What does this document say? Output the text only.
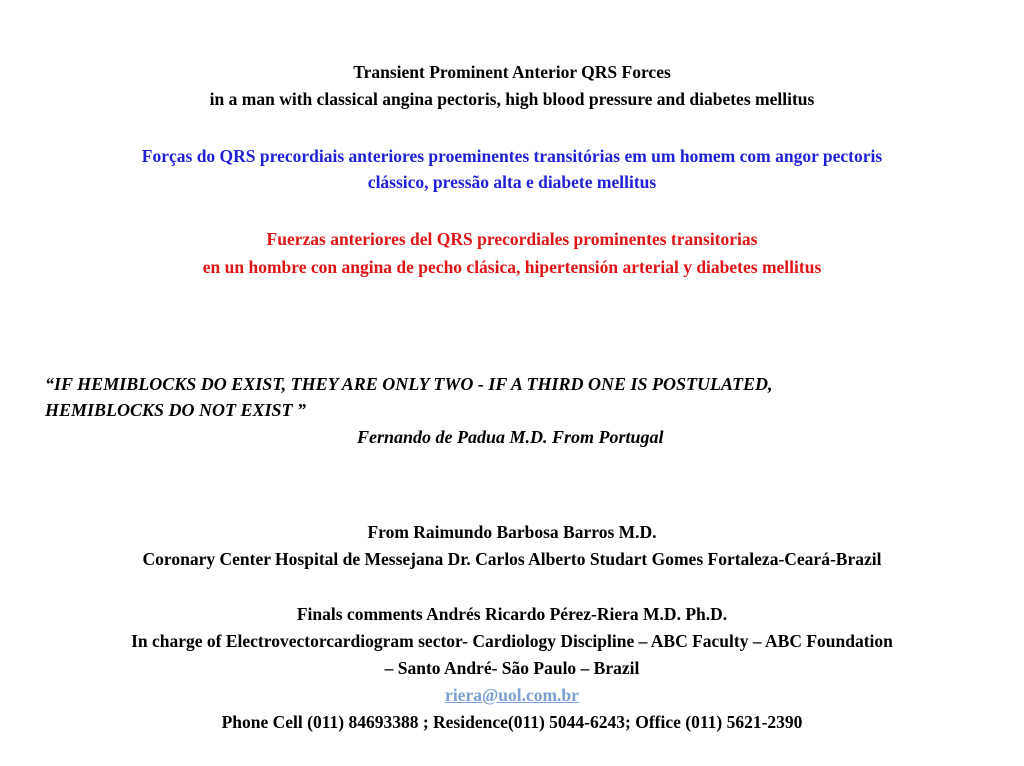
Transient Prominent Anterior QRS Forces
in a man with classical angina pectoris, high blood pressure and diabetes mellitus
Forças do QRS precordiais anteriores proeminentes transitórias em um homem com angor pectoris
clássico, pressão alta e diabete mellitus
Fuerzas anteriores del QRS precordiales prominentes transitorias
en un hombre con angina de pecho clásica, hipertensión arterial y diabetes mellitus
“IF HEMIBLOCKS DO EXIST, THEY ARE ONLY TWO - IF A THIRD ONE IS POSTULATED,
HEMIBLOCKS DO NOT EXIST ”
Fernando de Padua M.D. From Portugal
From Raimundo Barbosa Barros M.D.
Coronary Center Hospital de Messejana Dr. Carlos Alberto Studart Gomes Fortaleza-Ceará-Brazil
Finals comments Andrés Ricardo Pérez-Riera M.D. Ph.D.
In charge of Electrovectorcardiogram sector- Cardiology Discipline – ABC Faculty – ABC Foundation
– Santo André- São Paulo – Brazil
riera@uol.com.br
Phone Cell (011) 84693388 ; Residence(011) 5044-6243; Office (011) 5621-2390
